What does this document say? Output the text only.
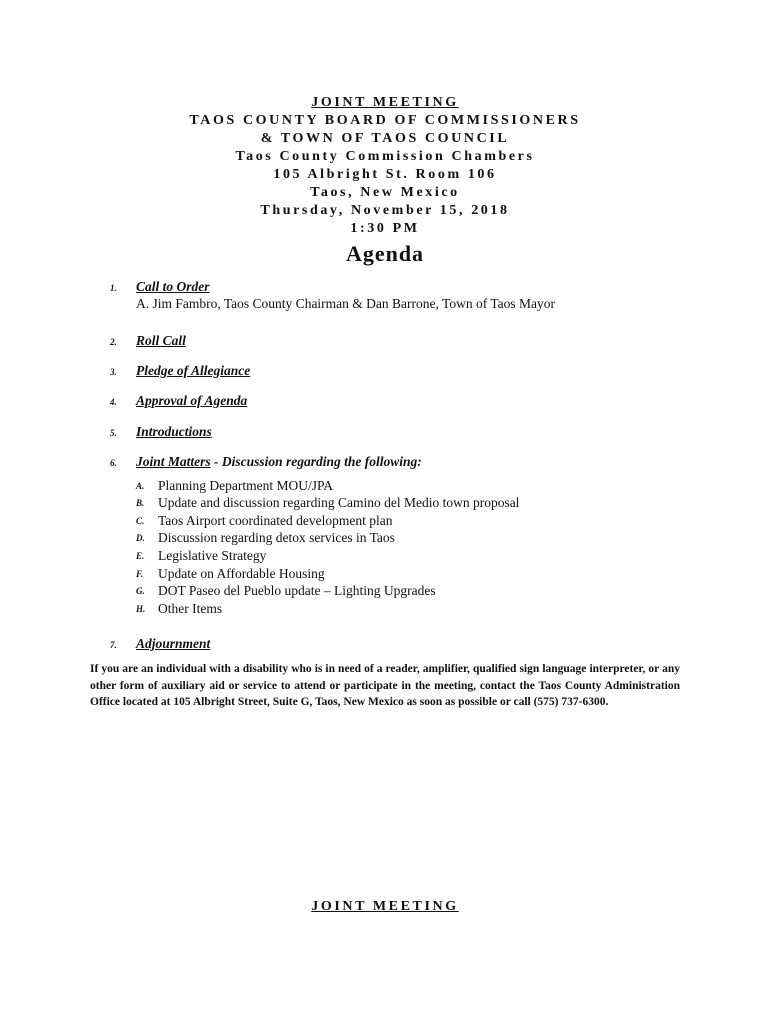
JOINT MEETING

TAOS COUNTY BOARD OF COMMISSIONERS

& TOWN OF TAOS COUNCIL

Taos County Commission Chambers

105 Albright St. Room 106

Taos, New Mexico

Thursday, November 15, 2018

1:30 PM

Agenda

1.	Call to Order
A. Jim Fambro, Taos County Chairman & Dan Barrone, Town of Taos Mayor
2.	Roll Call
3.	Pledge of Allegiance
4.	Approval of Agenda
5.	Introductions
6.	Joint Matters - Discussion regarding the following:
A.	Planning Department MOU/JPA
B.	Update and discussion regarding Camino del Medio town proposal
C.	Taos Airport coordinated development plan
D. Discussion regarding detox services in Taos
E.	Legislative Strategy
F.	Update on Affordable Housing
G. DOT Paseo del Pueblo update – Lighting Upgrades
H. Other Items
7.	Adjournment

If you are an individual with a disability who is in need of a reader, amplifier, qualified sign language interpreter, or any other form of auxiliary aid or service to attend or participate in the meeting, contact the Taos County Administration Office located at 105 Albright Street, Suite G, Taos, New Mexico as soon as possible or call (575) 737-6300.

JOINT MEETING
